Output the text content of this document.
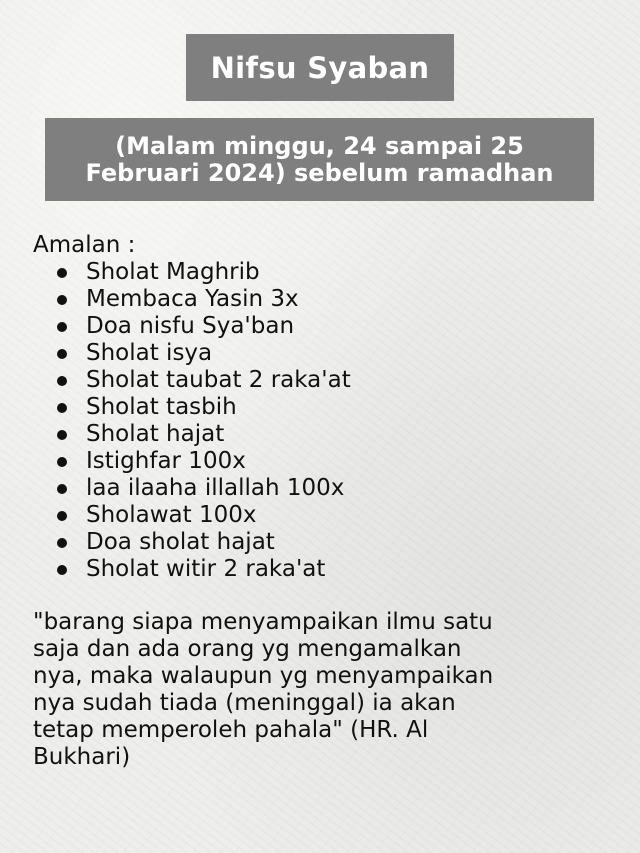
Nifsu Syaban
(Malam minggu, 24 sampai 25 Februari 2024) sebelum ramadhan
Amalan :
Sholat Maghrib
Membaca Yasin 3x
Doa nisfu Sya'ban
Sholat isya
Sholat taubat 2 raka'at
Sholat tasbih
Sholat hajat
Istighfar 100x
laa ilaaha illallah 100x
Sholawat 100x
Doa sholat hajat
Sholat witir 2 raka'at
"barang siapa menyampaikan ilmu satu
saja dan ada orang yg mengamalkan
nya, maka walaupun yg menyampaikan
nya sudah tiada (meninggal) ia akan
tetap memperoleh pahala" (HR. Al
Bukhari)
